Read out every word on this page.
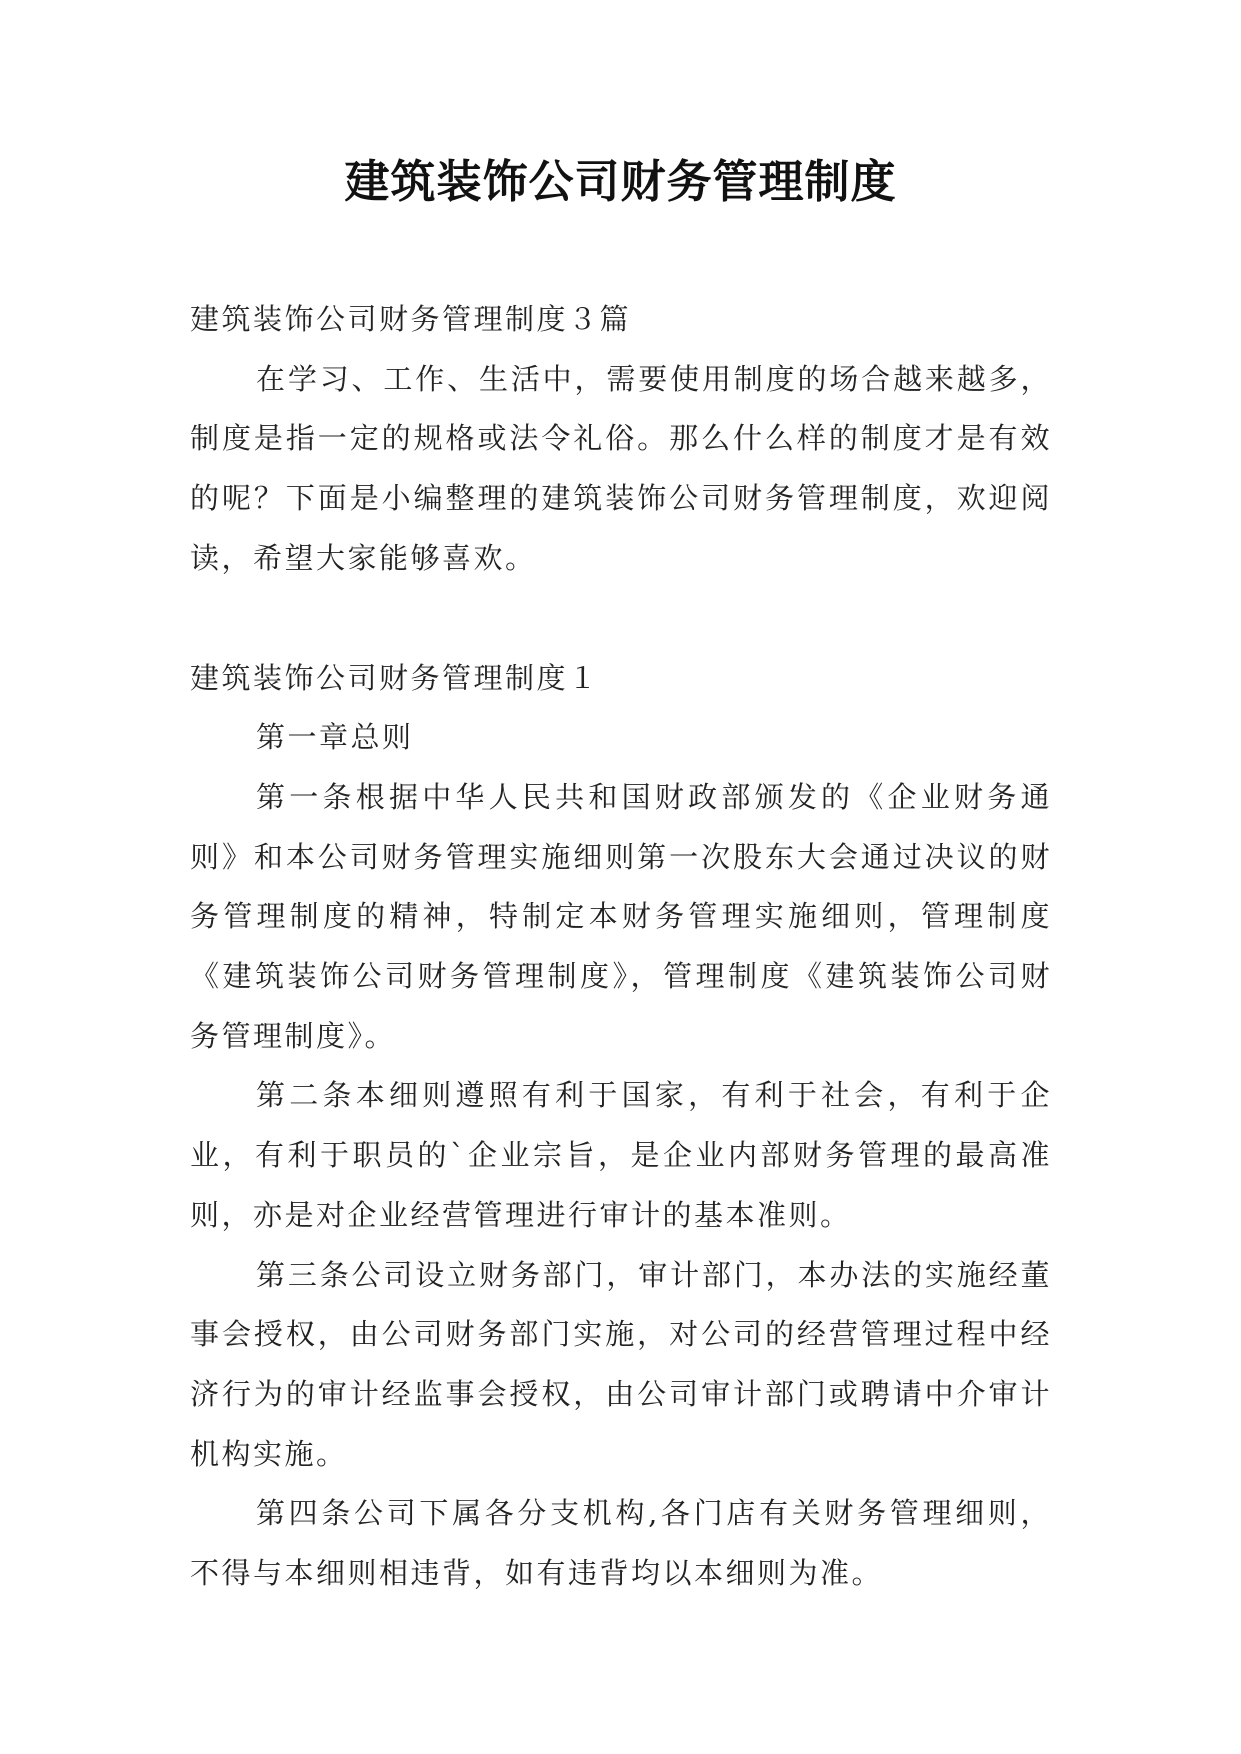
建筑装饰公司财务管理制度

建筑装饰公司财务管理制度３篇

在学习、工作、生活中，需要使用制度的场合越来越多，制度是指一定的规格或法令礼俗。那么什么样的制度才是有效的呢？下面是小编整理的建筑装饰公司财务管理制度，欢迎阅读，希望大家能够喜欢。

建筑装饰公司财务管理制度１

第一章总则

第一条根据中华人民共和国财政部颁发的《企业财务通则》和本公司财务管理实施细则第一次股东大会通过决议的财务管理制度的精神，特制定本财务管理实施细则，管理制度《建筑装饰公司财务管理制度》，管理制度《建筑装饰公司财务管理制度》。

第二条本细则遵照有利于国家，有利于社会，有利于企业，有利于职员的`企业宗旨，是企业内部财务管理的最高准则，亦是对企业经营管理进行审计的基本准则。

第三条公司设立财务部门，审计部门，本办法的实施经董事会授权，由公司财务部门实施，对公司的经营管理过程中经济行为的审计经监事会授权，由公司审计部门或聘请中介审计机构实施。

第四条公司下属各分支机构,各门店有关财务管理细则，不得与本细则相违背，如有违背均以本细则为准。
